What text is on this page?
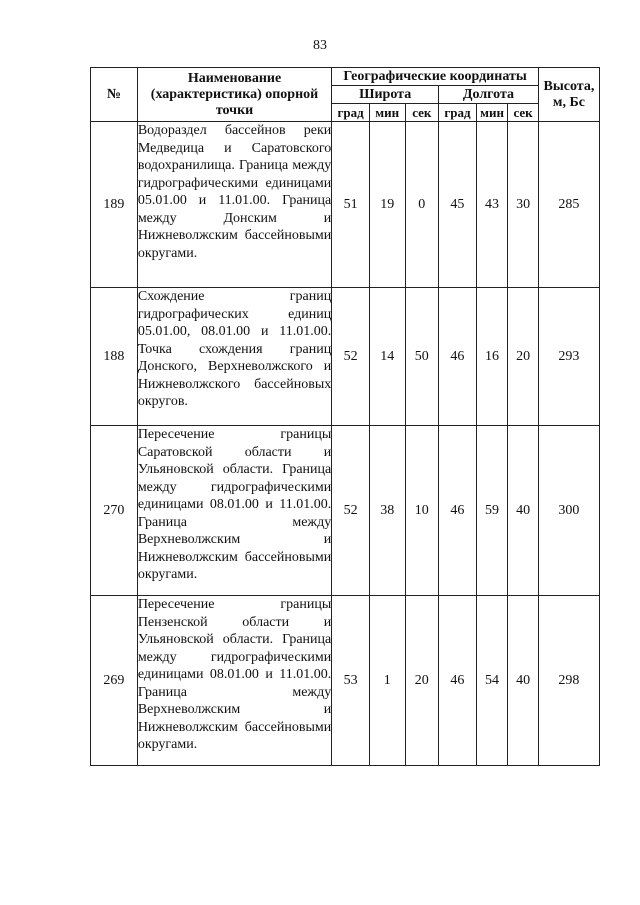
83
№	Наименование (характеристика) опорной точки	Географические координаты						Высота, м, Бс
		Широта			Долгота			
		град	мин	сек	град	мин	сек	
189	Водораздел бассейнов реки Медведица и Саратовского водохранилища. Граница между гидрографическими единицами 05.01.00 и 11.01.00. Граница между Донским и Нижневолжским бассейновыми округами.	51	19	0	45	43	30	285
188	Схождение границ гидрографических единиц 05.01.00, 08.01.00 и 11.01.00. Точка схождения границ Донского, Верхневолжского и Нижневолжского бассейновых округов.	52	14	50	46	16	20	293
270	Пересечение границы Саратовской области и Ульяновской области. Граница между гидрографическими единицами 08.01.00 и 11.01.00. Граница между Верхневолжским и Нижневолжским бассейновыми округами.	52	38	10	46	59	40	300
269	Пересечение границы Пензенской области и Ульяновской области. Граница между гидрографическими единицами 08.01.00 и 11.01.00. Граница между Верхневолжским и Нижневолжским бассейновыми округами.	53	1	20	46	54	40	298
